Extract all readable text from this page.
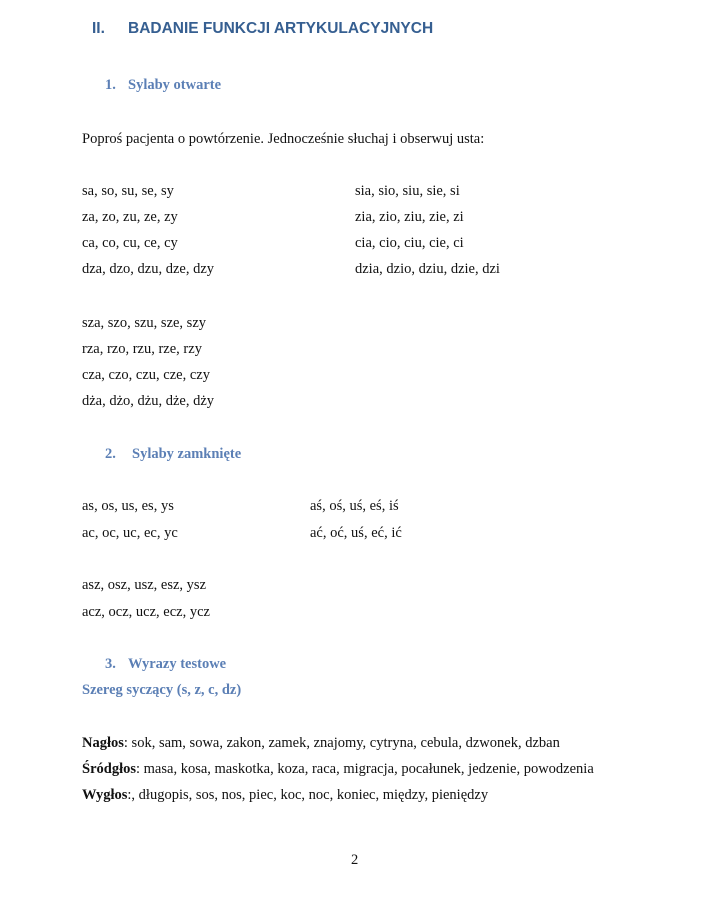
II. BADANIE FUNKCJI ARTYKULACYJNYCH
1. Sylaby otwarte
Poproś pacjenta o powtórzenie. Jednocześnie słuchaj i obserwuj usta:
sa, so, su, se, sy
za, zo, zu, ze, zy
ca, co, cu, ce, cy
dza, dzo, dzu, dze, dzy
sia, sio, siu, sie, si
zia, zio, ziu, zie, zi
cia, cio, ciu, cie, ci
dzia, dzio, dziu, dzie, dzi
sza, szo, szu, sze, szy
rza, rzo, rzu, rze, rzy
cza, czo, czu, cze, czy
dża, dżo, dżu, dże, dży
2. Sylaby zamknięte
as, os, us, es, ys
ac, oc, uc, ec, yc
aś, oś, uś, eś, iś
ać, oć, uś, eć, ić
asz, osz, usz, esz, ysz
acz, ocz, ucz, ecz, ycz
3. Wyrazy testowe
Szereg syczący (s, z, c, dz)
Nagłos: sok, sam, sowa, zakon, zamek, znajomy, cytryna, cebula, dzwonek, dzban
Śródgłos: masa, kosa, maskotka, koza, raca, migracja, pocałunek, jedzenie, powodzenia
Wygłos:, długopis, sos, nos, piec, koc, noc, koniec, między, pieniędzy
2
